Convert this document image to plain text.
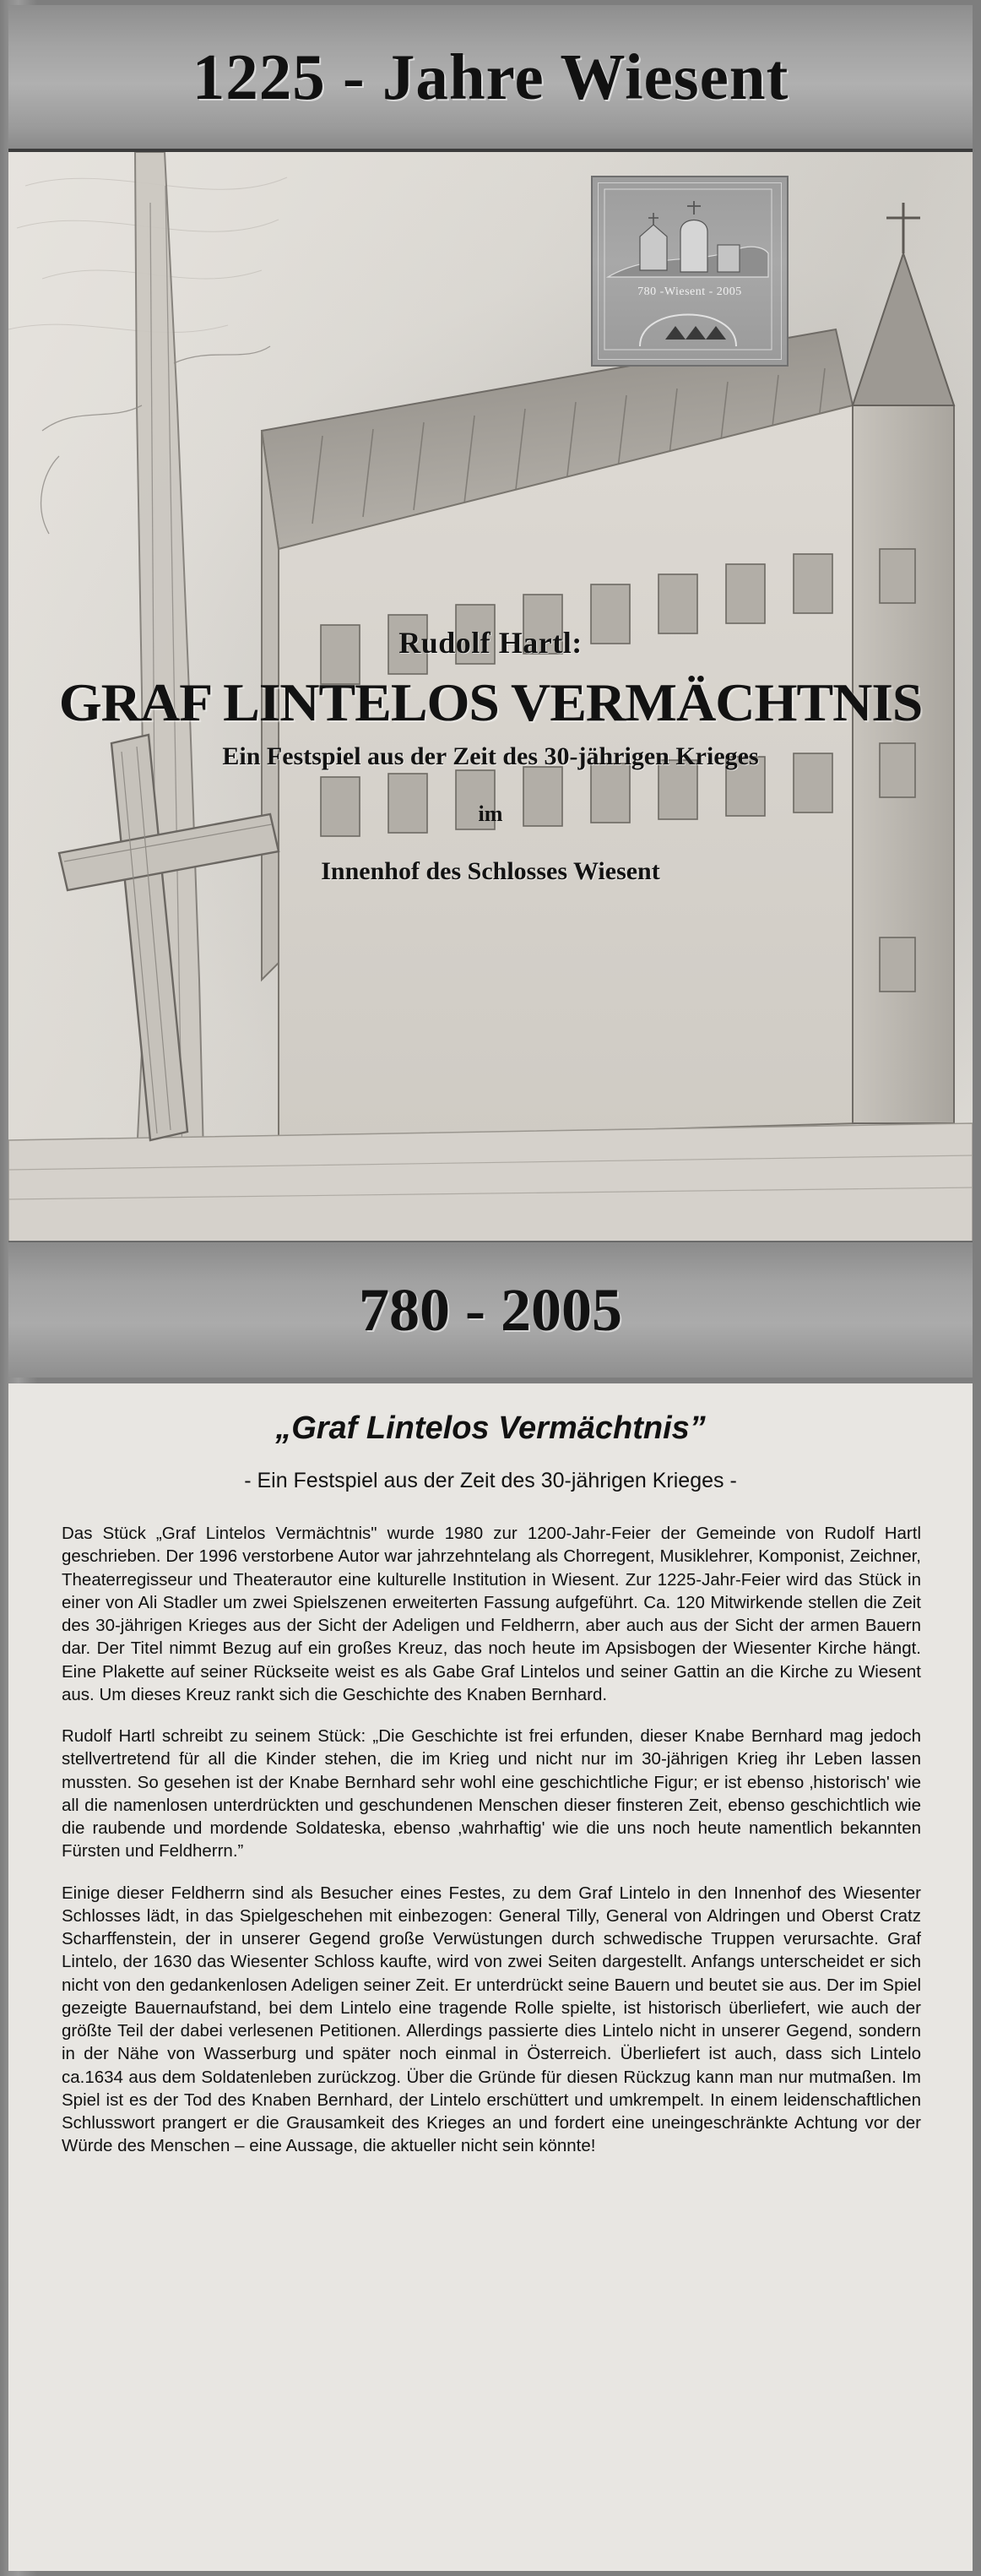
1225 - Jahre Wiesent
780 -Wiesent - 2005
Rudolf Hartl:
GRAF LINTELOS VERMÄCHTNIS
Ein Festspiel aus der Zeit des 30-jährigen Krieges
im
Innenhof des Schlosses Wiesent
780 - 2005
„Graf Lintelos Vermächtnis”
- Ein Festspiel aus der Zeit des 30-jährigen Krieges -

Das Stück „Graf Lintelos Vermächtnis" wurde 1980 zur 1200-Jahr-Feier der Gemeinde von Rudolf Hartl geschrieben. Der 1996 verstorbene Autor war jahrzehntelang als Chorregent, Musiklehrer, Komponist, Zeichner, Theaterregisseur und Theaterautor eine kulturelle Institution in Wiesent. Zur 1225-Jahr-Feier wird das Stück in einer von Ali Stadler um zwei Spielszenen erweiterten Fassung aufgeführt. Ca. 120 Mitwirkende stellen die Zeit des 30-jährigen Krieges aus der Sicht der Adeligen und Feldherrn, aber auch aus der Sicht der armen Bauern dar. Der Titel nimmt Bezug auf ein großes Kreuz, das noch heute im Apsisbogen der Wiesenter Kirche hängt. Eine Plakette auf seiner Rückseite weist es als Gabe Graf Lintelos und seiner Gattin an die Kirche zu Wiesent aus. Um dieses Kreuz rankt sich die Geschichte des Knaben Bernhard.

Rudolf Hartl schreibt zu seinem Stück: „Die Geschichte ist frei erfunden, dieser Knabe Bernhard mag jedoch stellvertretend für all die Kinder stehen, die im Krieg und nicht nur im 30-jährigen Krieg ihr Leben lassen mussten. So gesehen ist der Knabe Bernhard sehr wohl eine geschichtliche Figur; er ist ebenso ‚historisch' wie all die namenlosen unterdrückten und geschundenen Menschen dieser finsteren Zeit, ebenso geschichtlich wie die raubende und mordende Soldateska, ebenso ‚wahrhaftig' wie die uns noch heute namentlich bekannten Fürsten und Feldherrn.”

Einige dieser Feldherrn sind als Besucher eines Festes, zu dem Graf Lintelo in den Innenhof des Wiesenter Schlosses lädt, in das Spielgeschehen mit einbezogen: General Tilly, General von Aldringen und Oberst Cratz Scharffenstein, der in unserer Gegend große Verwüstungen durch schwedische Truppen verursachte. Graf Lintelo, der 1630 das Wiesenter Schloss kaufte, wird von zwei Seiten dargestellt. Anfangs unterscheidet er sich nicht von den gedankenlosen Adeligen seiner Zeit. Er unterdrückt seine Bauern und beutet sie aus. Der im Spiel gezeigte Bauernaufstand, bei dem Lintelo eine tragende Rolle spielte, ist historisch überliefert, wie auch der größte Teil der dabei verlesenen Petitionen. Allerdings passierte dies Lintelo nicht in unserer Gegend, sondern in der Nähe von Wasserburg und später noch einmal in Österreich. Überliefert ist auch, dass sich Lintelo ca.1634 aus dem Soldatenleben zurückzog. Über die Gründe für diesen Rückzug kann man nur mutmaßen. Im Spiel ist es der Tod des Knaben Bernhard, der Lintelo erschüttert und umkrempelt. In einem leidenschaftlichen Schlusswort prangert er die Grausamkeit des Krieges an und fordert eine uneingeschränkte Achtung vor der Würde des Menschen – eine Aussage, die aktueller nicht sein könnte!
